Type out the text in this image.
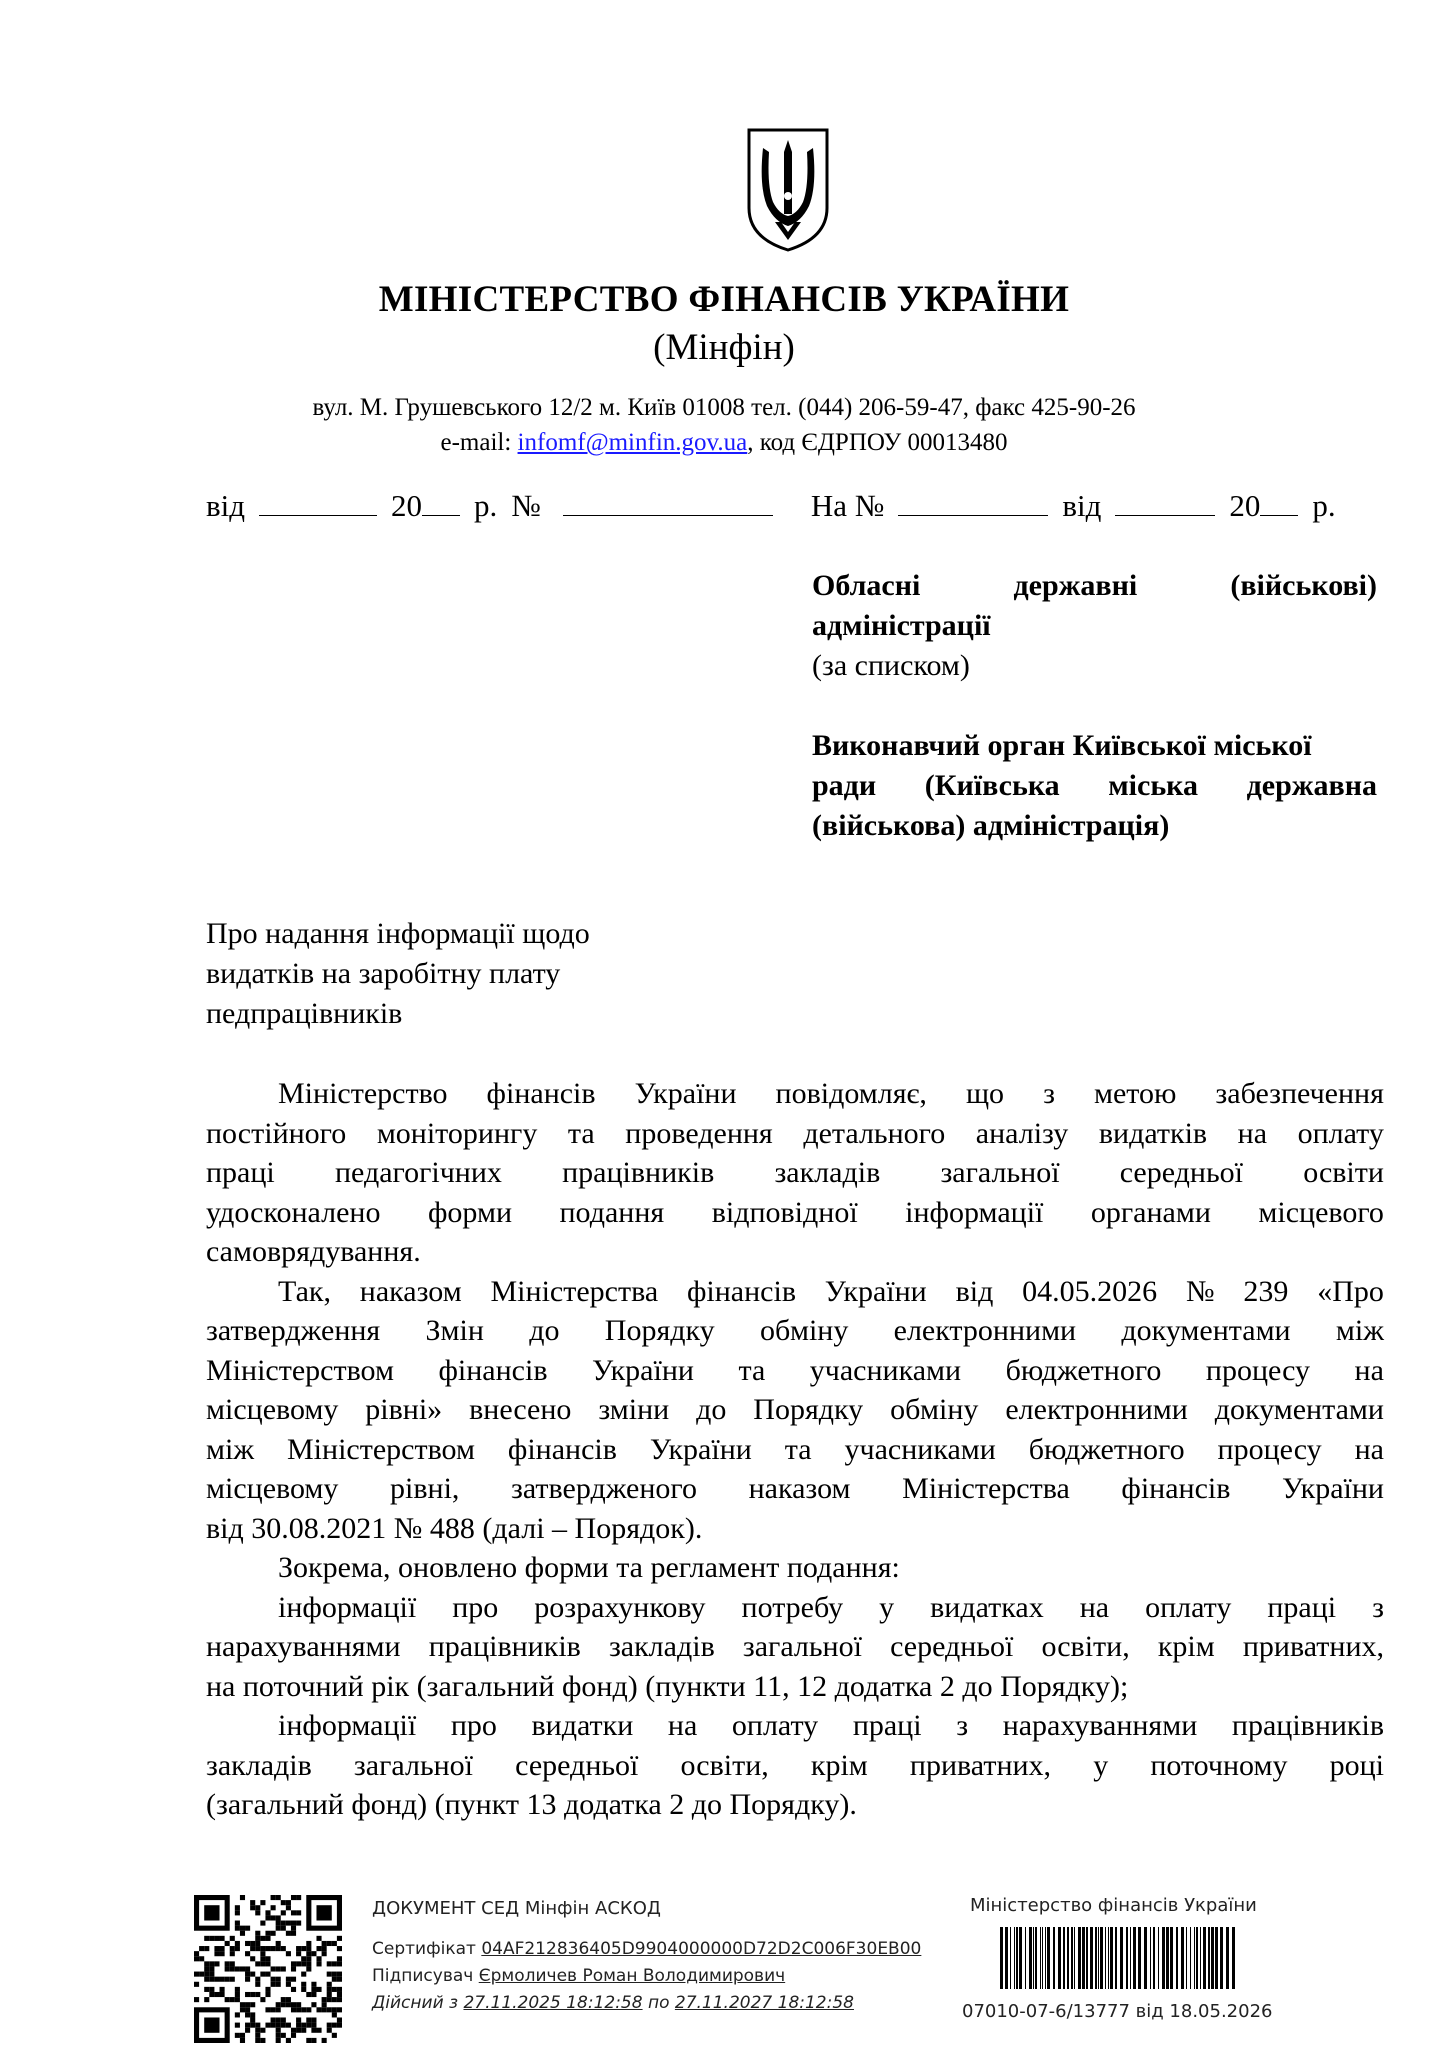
МІНІСТЕРСТВО ФІНАНСІВ УКРАЇНИ
(Мінфін)
вул. М. Грушевського 12/2 м. Київ 01008 тел. (044) 206-59-47, факс 425-90-26
e-mail: infomf@minfin.gov.ua, код ЄДРПОУ 00013480
від	20 р. №	На №	від	20 р.
Обласні	державні	(військові)
адміністрації
(за списком)
Виконавчий орган Київської міської
ради (Київська міська державна
(військова) адміністрація)
Про надання інформації щодо
видатків на заробітну плату
педпрацівників
Міністерство фінансів України повідомляє, що з метою забезпечення
постійного моніторингу та проведення детального аналізу видатків на оплату
праці педагогічних працівників закладів загальної середньої освіти
удосконалено форми подання відповідної інформації органами місцевого
самоврядування.
Так, наказом Міністерства фінансів України від 04.05.2026 № 239 «Про
затвердження Змін до Порядку обміну електронними документами між
Міністерством фінансів України та учасниками бюджетного процесу на
місцевому рівні» внесено зміни до Порядку обміну електронними документами
між Міністерством фінансів України та учасниками бюджетного процесу на
місцевому рівні, затвердженого наказом Міністерства фінансів України
від 30.08.2021 № 488 (далі – Порядок).
Зокрема, оновлено форми та регламент подання:
інформації про розрахункову потребу у видатках на оплату праці з
нарахуваннями працівників закладів загальної середньої освіти, крім приватних,
на поточний рік (загальний фонд) (пункти 11, 12 додатка 2 до Порядку);
інформації про видатки на оплату праці з нарахуваннями працівників
закладів загальної середньої освіти, крім приватних, у поточному році
(загальний фонд) (пункт 13 додатка 2 до Порядку).
ДОКУМЕНТ СЕД Мінфін АСКОД
Сертифікат 04AF212836405D9904000000D72D2C006F30EB00
Підписувач Єрмоличев Роман Володимирович
Дійсний з 27.11.2025 18:12:58 по 27.11.2027 18:12:58
Міністерство фінансів України
07010-07-6/13777 від 18.05.2026
